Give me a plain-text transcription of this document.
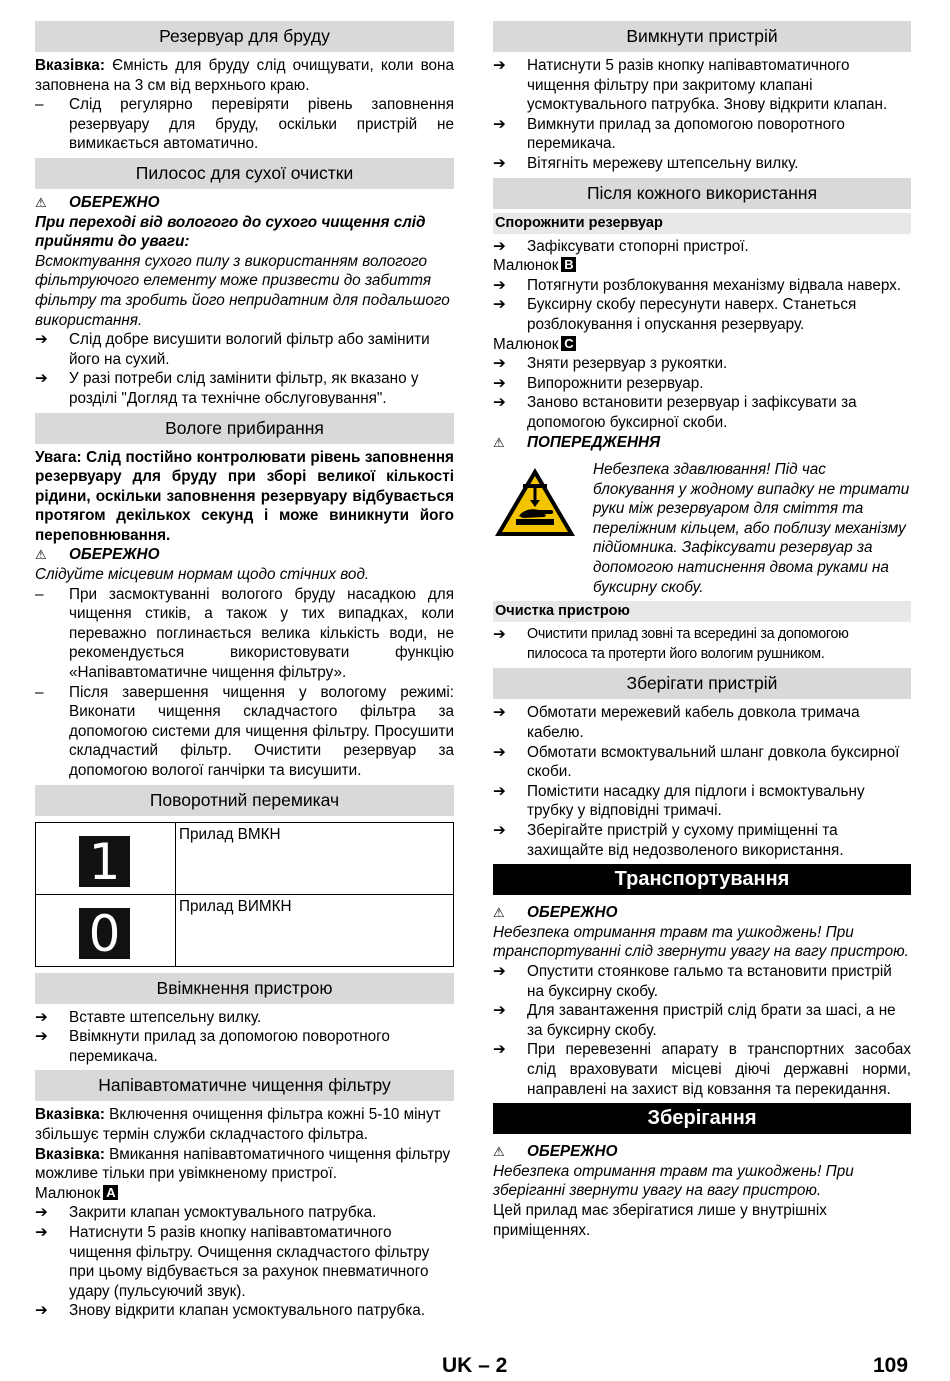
Резервуар для бруду

Вказівка: Ємність для бруду слід очищувати, коли вона заповнена на 3 см від верхнього краю.

–	Слід регулярно перевіряти рівень заповнення резервуару для бруду, оскільки пристрій не вимикається автоматично.
Пилосос для сухої очистки
⚠	ОБЕРЕЖНО

При переході від вологого до сухого чищення слід прийняти до уваги:

Всмоктування сухого пилу з використанням вологого фільтруючого елементу може призвести до забиття фільтру та зробить його непридатним для подальшого використання.

➔	Слід добре висушити вологий фільтр або замінити його на сухий.
➔	У разі потреби слід замінити фільтр, як вказано у розділі "Догляд та технічне обслуговування".
Вологе прибирання

Увага: Слід постійно контролювати рівень заповнення резервуару для бруду при зборі великої кількості рідини, оскільки заповнення резервуару відбувається протягом декількох секунд і може виникнути його переповнювання.

⚠	ОБЕРЕЖНО

Слідуйте місцевим нормам щодо стічних вод.

–	При засмоктуванні вологого бруду насадкою для чищення стиків, а також у тих випадках, коли переважно поглинається велика кількість води, не рекомендується використовувати функцію «Напівавтоматичне чищення фільтру».
–	Після завершення чищення у вологому режимі: Виконати чищення складчастого фільтра за допомогою системи для чищення фільтру. Просушити складчастий фільтр. Очистити резервуар за допомогою вологої ганчірки та висушити.
Поворотний перемикач
1	Прилад ВМКН

0	Прилад ВИМКН
Ввімкнення пристрою
➔	Вставте штепсельну вилку.
➔	Ввімкнути прилад за допомогою поворотного перемикача.
Напівавтоматичне чищення фільтру

Вказівка: Включення очищення фільтра кожні 5-10 мінут збільшує термін служби складчастого фільтра.

Вказівка: Вмикання напівавтоматичного чищення фільтру можливе тільки при увімкненому пристрої.

Малюнок A

➔	Закрити клапан усмоктувального патрубка.
➔	Натиснути 5 разів кнопку напівавтоматичного чищення фільтру. Очищення складчастого фільтру при цьому відбувається за рахунок пневматичного удару (пульсуючий звук).
➔	Знову відкрити клапан усмоктувального патрубка.
Вимкнути пристрій
➔	Натиснути 5 разів кнопку напівавтоматичного чищення фільтру при закритому клапані усмоктувального патрубка. Знову відкрити клапан.
➔	Вимкнути прилад за допомогою поворотного перемикача.
➔	Вітягніть мережеву штепсельну вилку.
Після кожного використання
Спорожнити резервуар
➔	Зафіксувати стопорні пристрої.

Малюнок B

➔	Потягнути розблокування механізму відвала наверх.
➔	Буксирну скобу пересунути наверх. Станеться розблокування і опускання резервуару.

Малюнок C

➔	Зняти резервуар з рукоятки.
➔	Випорожнити резервуар.
➔	Заново встановити резервуар і зафіксувати за допомогою буксирної скоби.
⚠	ПОПЕРЕДЖЕННЯ
Небезпека здавлювання! Під час блокування у жодному випадку не тримати руки між резервуаром для сміття та переліжним кільцем, або поблизу механізму підйомника. Зафіксувати резервуар за допомогою натиснення двома руками на буксирну скобу.
Очистка пристрою
➔	Очистити прилад зовні та всередині за допомогою пилососа та протерти його вологим рушником.
Зберігати пристрій
➔	Обмотати мережевий кабель довкола тримача кабелю.
➔	Обмотати всмоктувальний шланг довкола буксирної скоби.
➔	Помістити насадку для підлоги і всмоктувальну трубку у відповідні тримачі.
➔	Зберігайте пристрій у сухому приміщенні та захищайте від недозволеного використання.
Транспортування
⚠	ОБЕРЕЖНО

Небезпека отримання травм та ушкоджень! При транспортуванні слід звернути увагу на вагу пристрою.

➔	Опустити стоянкове гальмо та встановити пристрій на буксирну скобу.
➔	Для завантаження пристрій слід брати за шасі, а не за буксирну скобу.
➔	При перевезенні апарату в транспортних засобах слід враховувати місцеві діючі державні норми, направлені на захист від ковзання та перекидання.
Зберігання
⚠	ОБЕРЕЖНО

Небезпека отримання травм та ушкоджень! При зберіганні звернути увагу на вагу пристрою.

Цей прилад має зберігатися лише у внутрішніх приміщеннях.

UK – 2	109
